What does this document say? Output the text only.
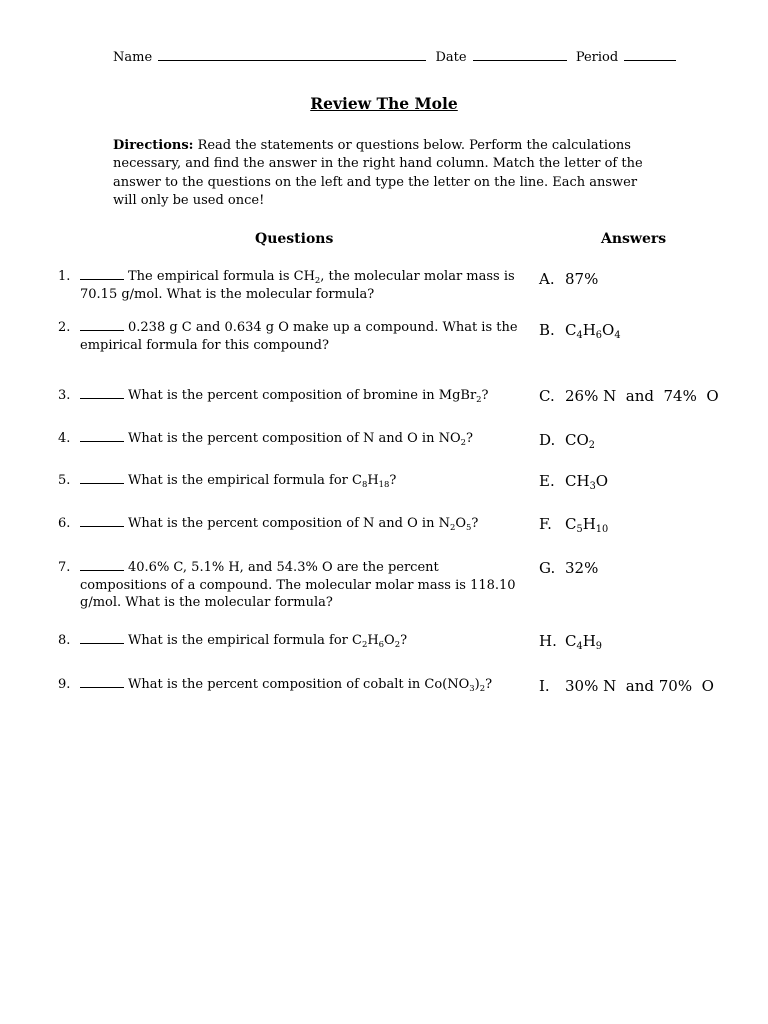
Name	Date	Period
Review The Mole
Directions: Read the statements or questions below. Perform the calculations necessary, and find the answer in the right hand column. Match the letter of the answer to the questions on the left and type the letter on the line. Each answer will only be used once!
Questions	Answers
1.	The empirical formula is $CH_2$, the molecular molar mass is 70.15 g/mol. What is the molecular formula?
2.	0.238 g C and 0.634 g O make up a compound. What is the empirical formula for this compound?
3.	What is the percent composition of bromine in MgBr$_2$?
4.	What is the percent composition of N and O in $NO_2$?
5.	What is the empirical formula for $C_8H_{18}$?
6.	What is the percent composition of N and O in $N_2O_5$?
7.	40.6% C, 5.1% H, and 54.3% O are the percent compositions of a compound. The molecular molar mass is 118.10 g/mol. What is the molecular formula?
8.	What is the empirical formula for $C_2H_6O_2$?
9.	What is the percent composition of cobalt in $Co(NO_3)_2$?
A. 87%
B. $C_4H_6O_4$
C. 26% N  and  74%  O
D. $CO_2$
E. $CH_3O$
F. $C_5H_{10}$
G. 32%
H. $C_4H_9$
I. 30% N  and 70%  O
